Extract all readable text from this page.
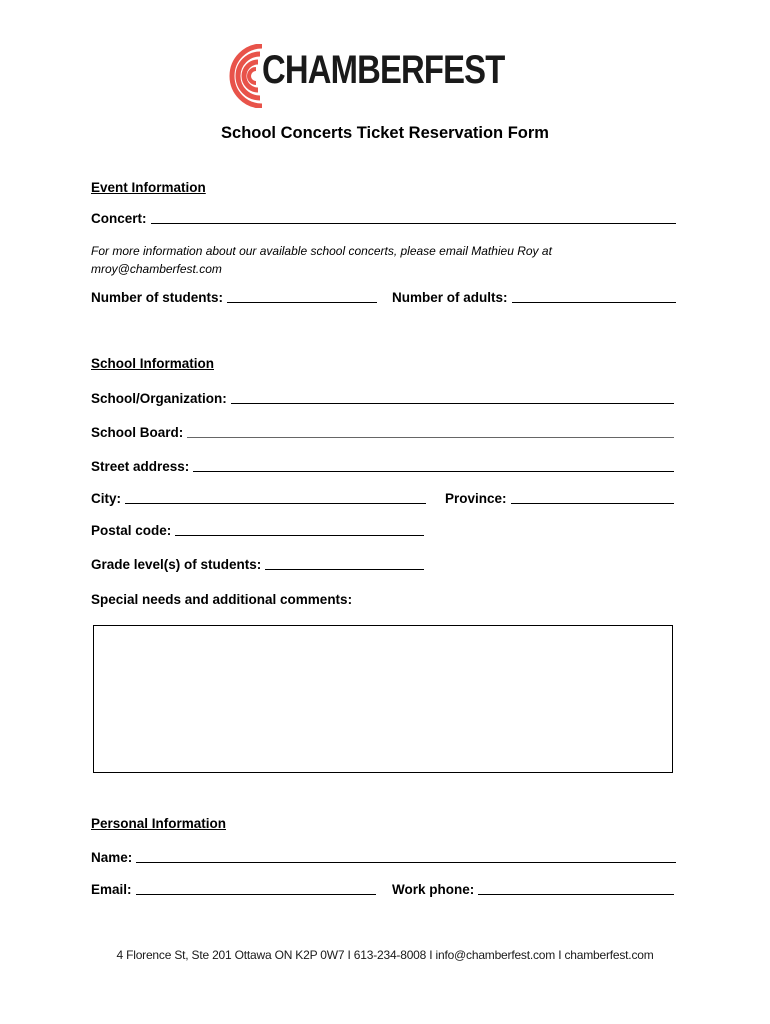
CHAMBERFEST
School Concerts Ticket Reservation Form
Event Information
Concert:
For more information about our available school concerts, please email Mathieu Roy at
mroy@chamberfest.com
Number of students:	Number of adults:
School Information
School/Organization:
School Board:
Street address:
City:	Province:
Postal code:
Grade level(s) of students:
Special needs and additional comments:
Personal Information
Name:
Email:	Work phone:
4 Florence St, Ste 201 Ottawa ON K2P 0W7 I 613-234-8008 I info@chamberfest.com I chamberfest.com
